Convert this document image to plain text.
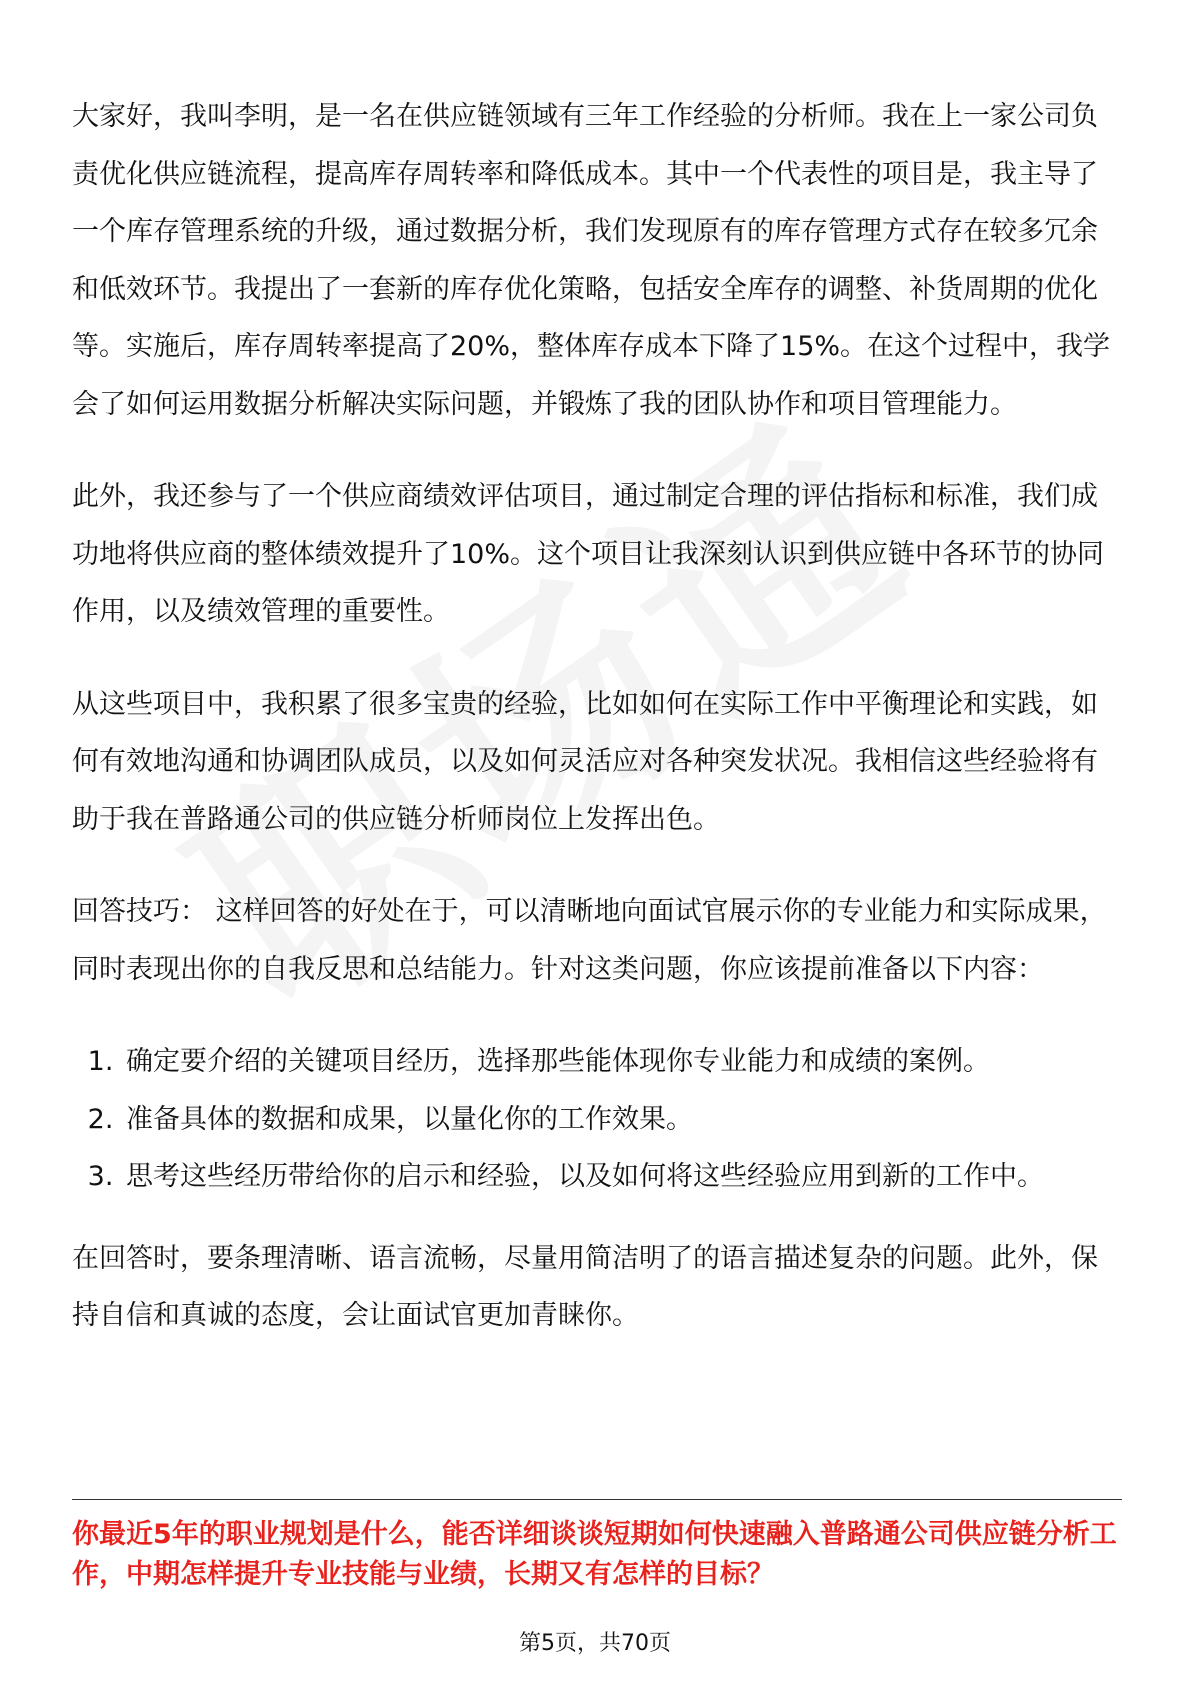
大家好，我叫李明，是一名在供应链领域有三年工作经验的分析师。我在上一家公司负责优化供应链流程，提高库存周转率和降低成本。其中一个代表性的项目是，我主导了一个库存管理系统的升级，通过数据分析，我们发现原有的库存管理方式存在较多冗余和低效环节。我提出了一套新的库存优化策略，包括安全库存的调整、补货周期的优化等。实施后，库存周转率提高了20%，整体库存成本下降了15%。在这个过程中，我学会了如何运用数据分析解决实际问题，并锻炼了我的团队协作和项目管理能力。

此外，我还参与了一个供应商绩效评估项目，通过制定合理的评估指标和标准，我们成功地将供应商的整体绩效提升了10%。这个项目让我深刻认识到供应链中各环节的协同作用，以及绩效管理的重要性。

从这些项目中，我积累了很多宝贵的经验，比如如何在实际工作中平衡理论和实践，如何有效地沟通和协调团队成员，以及如何灵活应对各种突发状况。我相信这些经验将有助于我在普路通公司的供应链分析师岗位上发挥出色。

回答技巧： 这样回答的好处在于，可以清晰地向面试官展示你的专业能力和实际成果，同时表现出你的自我反思和总结能力。针对这类问题，你应该提前准备以下内容：

1. 确定要介绍的关键项目经历，选择那些能体现你专业能力和成绩的案例。
2. 准备具体的数据和成果，以量化你的工作效果。
3. 思考这些经历带给你的启示和经验，以及如何将这些经验应用到新的工作中。

在回答时，要条理清晰、语言流畅，尽量用简洁明了的语言描述复杂的问题。此外，保持自信和真诚的态度，会让面试官更加青睐你。

你最近5年的职业规划是什么，能否详细谈谈短期如何快速融入普路通公司供应链分析工作，中期怎样提升专业技能与业绩，长期又有怎样的目标？

第5页，共70页
